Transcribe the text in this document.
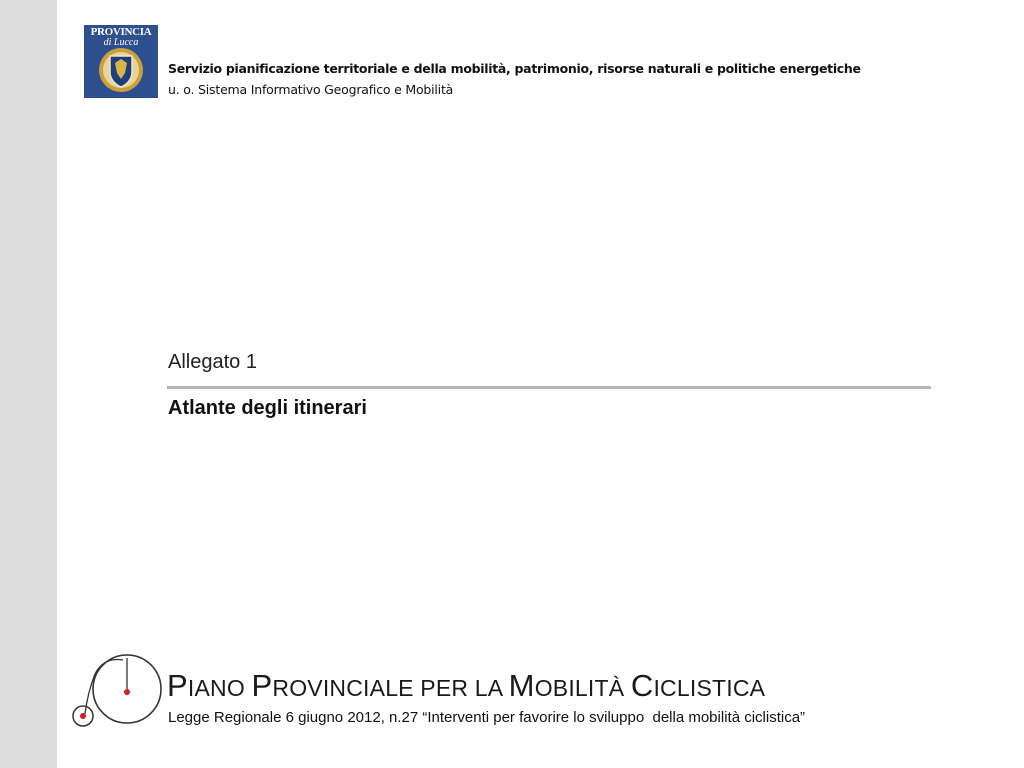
PROVINCIA
di Lucca
Servizio pianificazione territoriale e della mobilità, patrimonio, risorse naturali e politiche energetiche
u. o. Sistema Informativo Geografico e Mobilità
Allegato 1
Atlante degli itinerari
PIANO PROVINCIALE PER LA MOBILITÀ CICLISTICA
Legge Regionale 6 giugno 2012, n.27 “Interventi per favorire lo sviluppo  della mobilità ciclistica”
